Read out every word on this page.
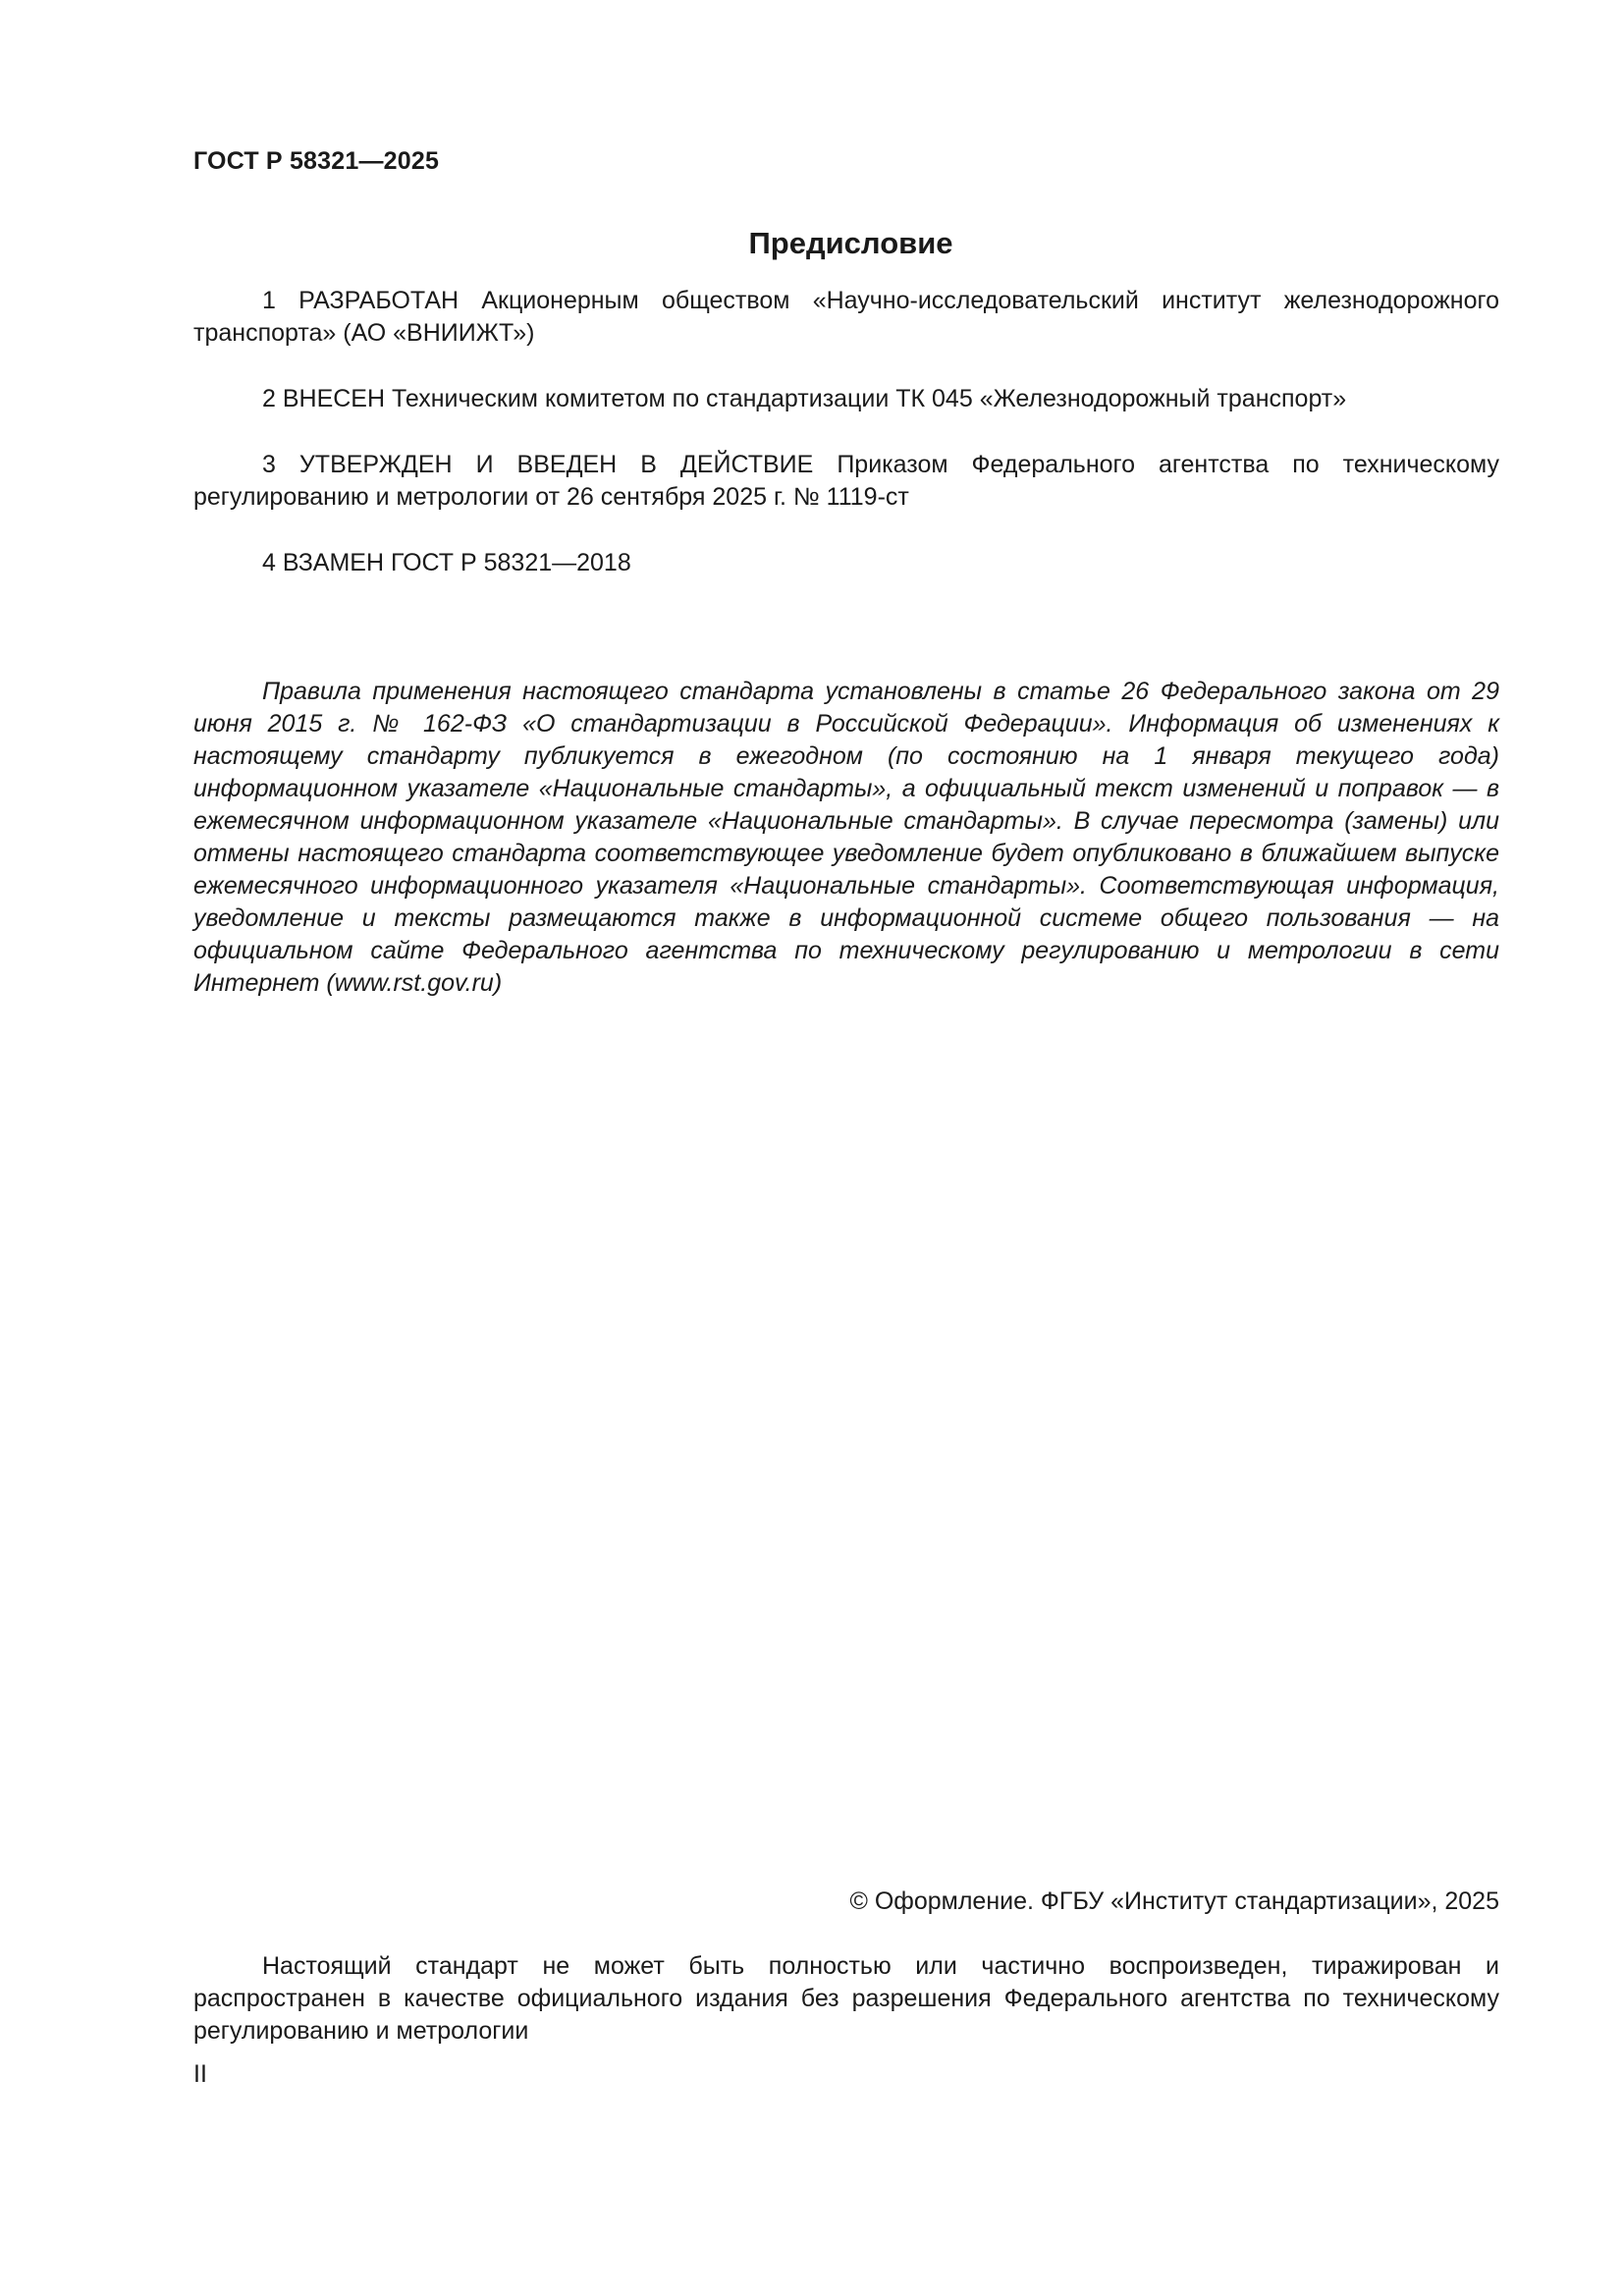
ГОСТ Р 58321—2025
Предисловие

1 РАЗРАБОТАН Акционерным обществом «Научно-исследовательский институт железнодорожного транспорта» (АО «ВНИИЖТ»)

2 ВНЕСЕН Техническим комитетом по стандартизации ТК 045 «Железнодорожный транспорт»

3 УТВЕРЖДЕН И ВВЕДЕН В ДЕЙСТВИЕ Приказом Федерального агентства по техническому регулированию и метрологии от 26 сентября 2025 г. № 1119-ст

4 ВЗАМЕН ГОСТ Р 58321—2018

Правила применения настоящего стандарта установлены в статье 26 Федерального закона от 29 июня 2015 г. № 162-ФЗ «О стандартизации в Российской Федерации». Информация об изменениях к настоящему стандарту публикуется в ежегодном (по состоянию на 1 января текущего года) информационном указателе «Национальные стандарты», а официальный текст изменений и поправок — в ежемесячном информационном указателе «Национальные стандарты». В случае пересмотра (замены) или отмены настоящего стандарта соответствующее уведомление будет опубликовано в ближайшем выпуске ежемесячного информационного указателя «Национальные стандарты». Соответствующая информация, уведомление и тексты размещаются также в информационной системе общего пользования — на официальном сайте Федерального агентства по техническому регулированию и метрологии в сети Интернет (www.rst.gov.ru)

© Оформление. ФГБУ «Институт стандартизации», 2025

Настоящий стандарт не может быть полностью или частично воспроизведен, тиражирован и распространен в качестве официального издания без разрешения Федерального агентства по техническому регулированию и метрологии

II
